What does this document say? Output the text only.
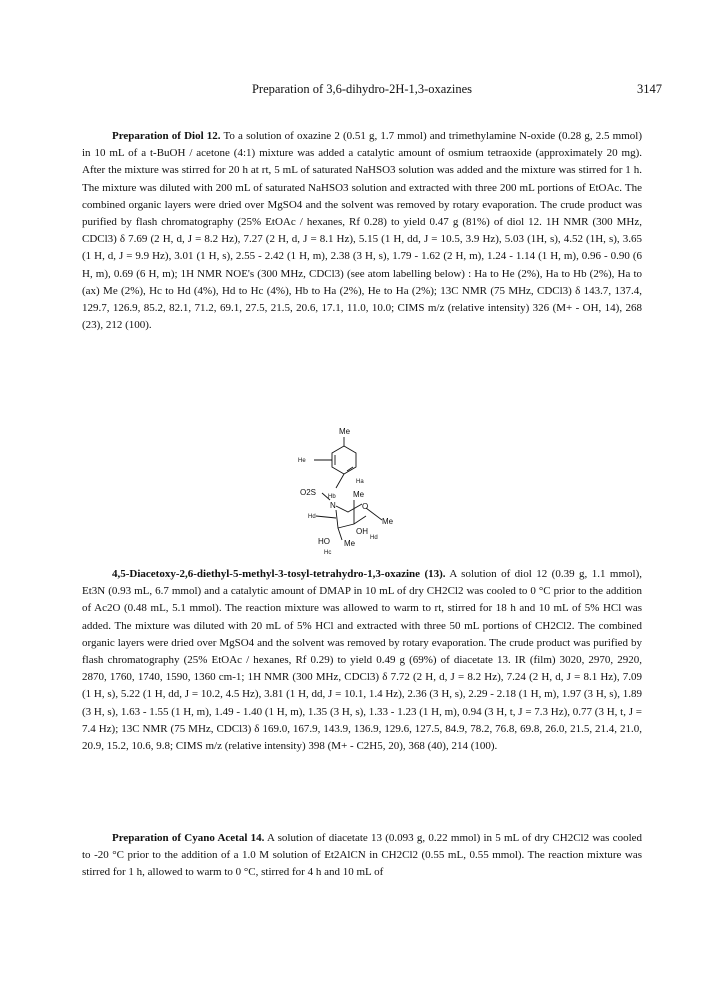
Preparation of 3,6-dihydro-2H-1,3-oxazines	3147

Preparation of Diol 12. To a solution of oxazine 2 (0.51 g, 1.7 mmol) and trimethylamine N-oxide (0.28 g, 2.5 mmol) in 10 mL of a t-BuOH / acetone (4:1) mixture was added a catalytic amount of osmium tetraoxide (approximately 20 mg). After the mixture was stirred for 20 h at rt, 5 mL of saturated NaHSO3 solution was added and the mixture was stirred for 1 h. The mixture was diluted with 200 mL of saturated NaHSO3 solution and extracted with three 200 mL portions of EtOAc. The combined organic layers were dried over MgSO4 and the solvent was removed by rotary evaporation. The crude product was purified by flash chromatography (25% EtOAc / hexanes, Rf 0.28) to yield 0.47 g (81%) of diol 12. 1H NMR (300 MHz, CDCl3) δ 7.69 (2 H, d, J = 8.2 Hz), 7.27 (2 H, d, J = 8.1 Hz), 5.15 (1 H, dd, J = 10.5, 3.9 Hz), 5.03 (1H, s), 4.52 (1H, s), 3.65 (1 H, d, J = 9.9 Hz), 3.01 (1 H, s), 2.55 - 2.42 (1 H, m), 2.38 (3 H, s), 1.79 - 1.62 (2 H, m), 1.24 - 1.14 (1 H, m), 0.96 - 0.90 (6 H, m), 0.69 (6 H, m); 1H NMR NOE's (300 MHz, CDCl3) (see atom labelling below) : Ha to He (2%), Ha to Hb (2%), Ha to (ax) Me (2%), Hc to Hd (4%), Hd to Hc (4%), Hb to Ha (2%), He to Ha (2%); 13C NMR (75 MHz, CDCl3) δ 143.7, 137.4, 129.7, 126.9, 85.2, 82.1, 71.2, 69.1, 27.5, 21.5, 20.6, 17.1, 11.0, 10.0; CIMS m/z (relative intensity) 326 (M+ - OH, 14), 268 (23), 212 (100).

Me
He
Ha
O2S Hb Me
N	O
Me
Hd
OH
Hd
HO Me
Hc

4,5-Diacetoxy-2,6-diethyl-5-methyl-3-tosyl-tetrahydro-1,3-oxazine (13). A solution of diol 12 (0.39 g, 1.1 mmol), Et3N (0.93 mL, 6.7 mmol) and a catalytic amount of DMAP in 10 mL of dry CH2Cl2 was cooled to 0 °C prior to the addition of Ac2O (0.48 mL, 5.1 mmol). The reaction mixture was allowed to warm to rt, stirred for 18 h and 10 mL of 5% HCl was added. The mixture was diluted with 20 mL of 5% HCl and extracted with three 50 mL portions of CH2Cl2. The combined organic layers were dried over MgSO4 and the solvent was removed by rotary evaporation. The crude product was purified by flash chromatography (25% EtOAc / hexanes, Rf 0.29) to yield 0.49 g (69%) of diacetate 13. IR (film) 3020, 2970, 2920, 2870, 1760, 1740, 1590, 1360 cm-1; 1H NMR (300 MHz, CDCl3) δ 7.72 (2 H, d, J = 8.2 Hz), 7.24 (2 H, d, J = 8.1 Hz), 7.09 (1 H, s), 5.22 (1 H, dd, J = 10.2, 4.5 Hz), 3.81 (1 H, dd, J = 10.1, 1.4 Hz), 2.36 (3 H, s), 2.29 - 2.18 (1 H, m), 1.97 (3 H, s), 1.89 (3 H, s), 1.63 - 1.55 (1 H, m), 1.49 - 1.40 (1 H, m), 1.35 (3 H, s), 1.33 - 1.23 (1 H, m), 0.94 (3 H, t, J = 7.3 Hz), 0.77 (3 H, t, J = 7.4 Hz); 13C NMR (75 MHz, CDCl3) δ 169.0, 167.9, 143.9, 136.9, 129.6, 127.5, 84.9, 78.2, 76.8, 69.8, 26.0, 21.5, 21.4, 21.0, 20.9, 15.2, 10.6, 9.8; CIMS m/z (relative intensity) 398 (M+ - C2H5, 20), 368 (40), 214 (100).

Preparation of Cyano Acetal 14. A solution of diacetate 13 (0.093 g, 0.22 mmol) in 5 mL of dry CH2Cl2 was cooled to -20 °C prior to the addition of a 1.0 M solution of Et2AlCN in CH2Cl2 (0.55 mL, 0.55 mmol). The reaction mixture was stirred for 1 h, allowed to warm to 0 °C, stirred for 4 h and 10 mL of
